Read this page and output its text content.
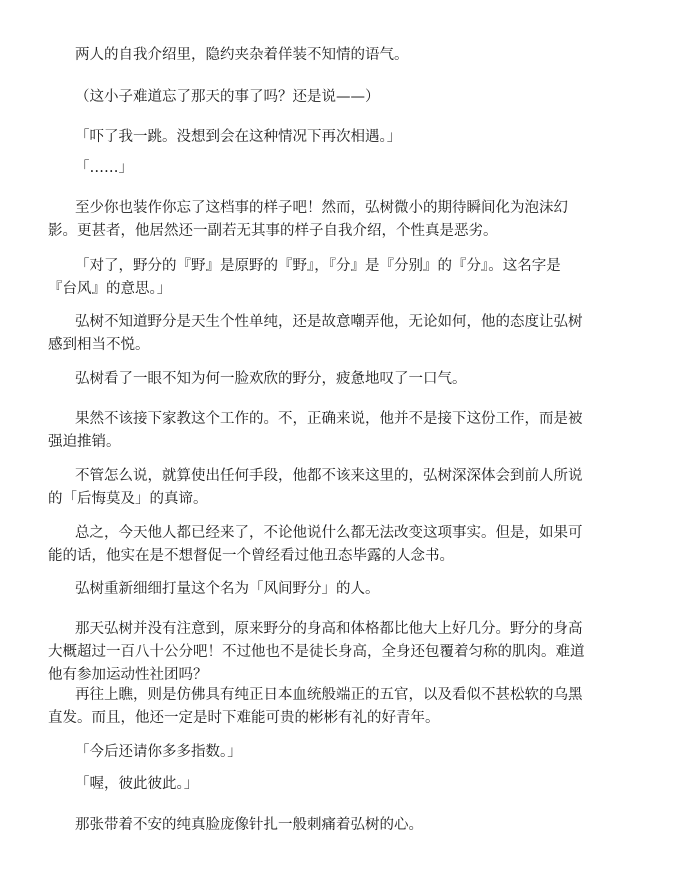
两人的自我介绍里，隐约夹杂着佯装不知情的语气。
（这小子难道忘了那天的事了吗？还是说——）
「吓了我一跳。没想到会在这种情况下再次相遇。」
「……」
至少你也装作你忘了这档事的样子吧！然而，弘树微小的期待瞬间化为泡沫幻
影。更甚者，他居然还一副若无其事的样子自我介绍，个性真是恶劣。
「对了，野分的『野』是原野的『野』，『分』是『分别』的『分』。这名字是
『台风』的意思。」
弘树不知道野分是天生个性单纯，还是故意嘲弄他，无论如何，他的态度让弘树
感到相当不悦。
弘树看了一眼不知为何一脸欢欣的野分，疲惫地叹了一口气。
果然不该接下家教这个工作的。不，正确来说，他并不是接下这份工作，而是被
强迫推销。
不管怎么说，就算使出任何手段，他都不该来这里的，弘树深深体会到前人所说
的「后悔莫及」的真谛。
总之，今天他人都已经来了，不论他说什么都无法改变这项事实。但是，如果可
能的话，他实在是不想督促一个曾经看过他丑态毕露的人念书。
弘树重新细细打量这个名为「风间野分」的人。
那天弘树并没有注意到，原来野分的身高和体格都比他大上好几分。野分的身高
大概超过一百八十公分吧！不过他也不是徒长身高，全身还包覆着匀称的肌肉。难道
他有参加运动性社团吗？
再往上瞧，则是仿佛具有纯正日本血统般端正的五官，以及看似不甚松软的乌黑
直发。而且，他还一定是时下难能可贵的彬彬有礼的好青年。
「今后还请你多多指数。」
「喔，彼此彼此。」
那张带着不安的纯真脸庞像针扎一般刺痛着弘树的心。
